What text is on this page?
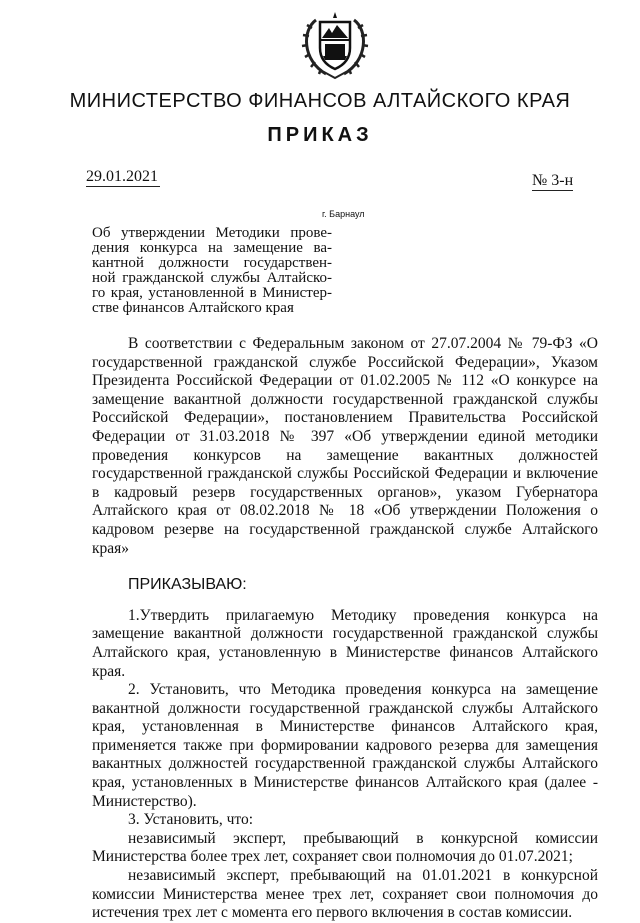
МИНИСТЕРСТВО ФИНАНСОВ АЛТАЙСКОГО КРАЯ
ПРИКАЗ
29.01.2021	№ 3-н
г. Барнаул
Об утверждении Методики прове-дения конкурса на замещение ва-кантной должности государствен-ной гражданской службы Алтайско-го края, установленной в Министер-стве финансов Алтайского края

В соответствии с Федеральным законом от 27.07.2004 № 79-ФЗ «О государственной гражданской службе Российской Федерации», Указом Президента Российской Федерации от 01.02.2005 № 112 «О конкурсе на замещение вакантной должности государственной гражданской службы Российской Федерации», постановлением Правительства Российской Федерации от 31.03.2018 № 397 «Об утверждении единой методики проведения конкурсов на замещение вакантных должностей государственной гражданской службы Российской Федерации и включение в кадровый резерв государственных органов», указом Губернатора Алтайского края от 08.02.2018 № 18 «Об утверждении Положения о кадровом резерве на государственной гражданской службе Алтайского края»

ПРИКАЗЫВАЮ:

1.Утвердить прилагаемую Методику проведения конкурса на замещение вакантной должности государственной гражданской службы Алтайского края, установленную в Министерстве финансов Алтайского края.

2. Установить, что Методика проведения конкурса на замещение вакантной должности государственной гражданской службы Алтайского края, установленная в Министерстве финансов Алтайского края, применяется также при формировании кадрового резерва для замещения вакантных должностей государственной гражданской службы Алтайского края, установленных в Министерстве финансов Алтайского края (далее - Министерство).

3. Установить, что:

независимый эксперт, пребывающий в конкурсной комиссии Министерства более трех лет, сохраняет свои полномочия до 01.07.2021;

независимый эксперт, пребывающий на 01.01.2021 в конкурсной комиссии Министерства менее трех лет, сохраняет свои полномочия до истечения трех лет с момента его первого включения в состав комиссии.
